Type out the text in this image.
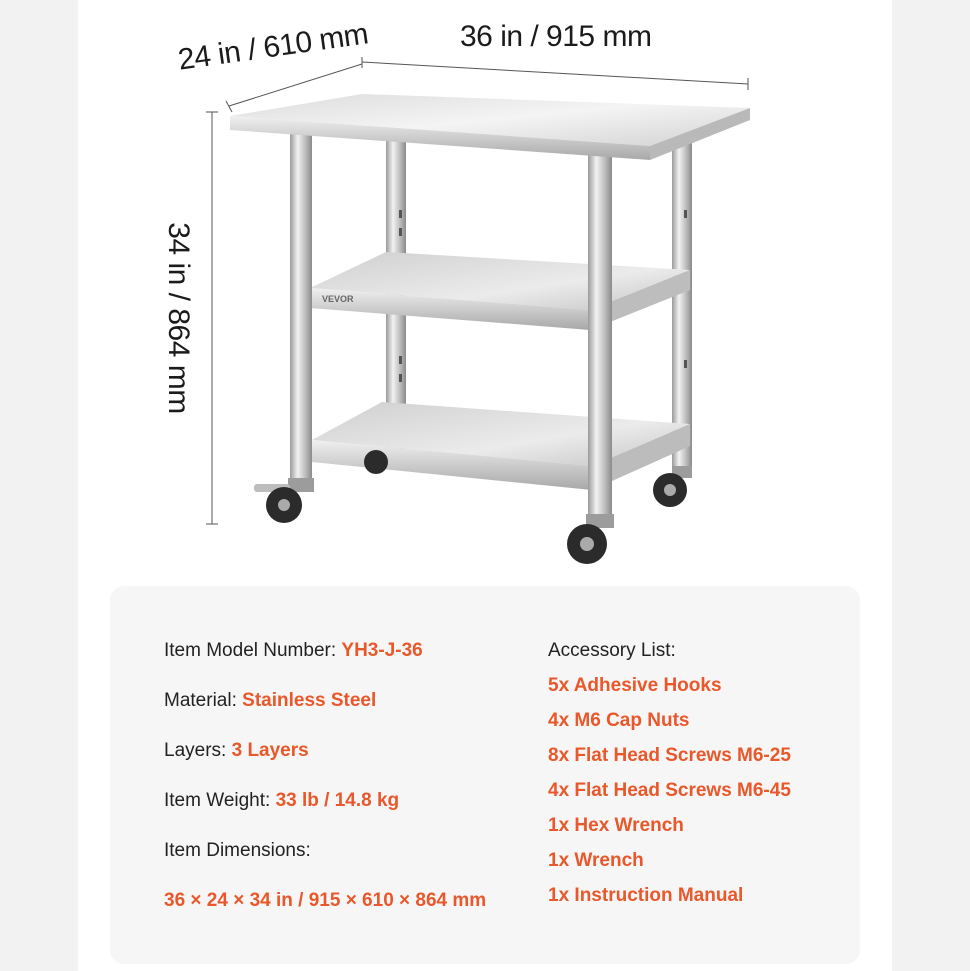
VEVOR
36 in / 915 mm
24 in / 610 mm
34 in / 864 mm
Item Model Number: YH3-J-36
Material: Stainless Steel
Layers: 3 Layers
Item Weight: 33 lb / 14.8 kg
Item Dimensions:
36 × 24 × 34 in / 915 × 610 × 864 mm
Accessory List:
5x Adhesive Hooks
4x M6 Cap Nuts
8x Flat Head Screws M6-25
4x Flat Head Screws M6-45
1x Hex Wrench
1x Wrench
1x Instruction Manual
